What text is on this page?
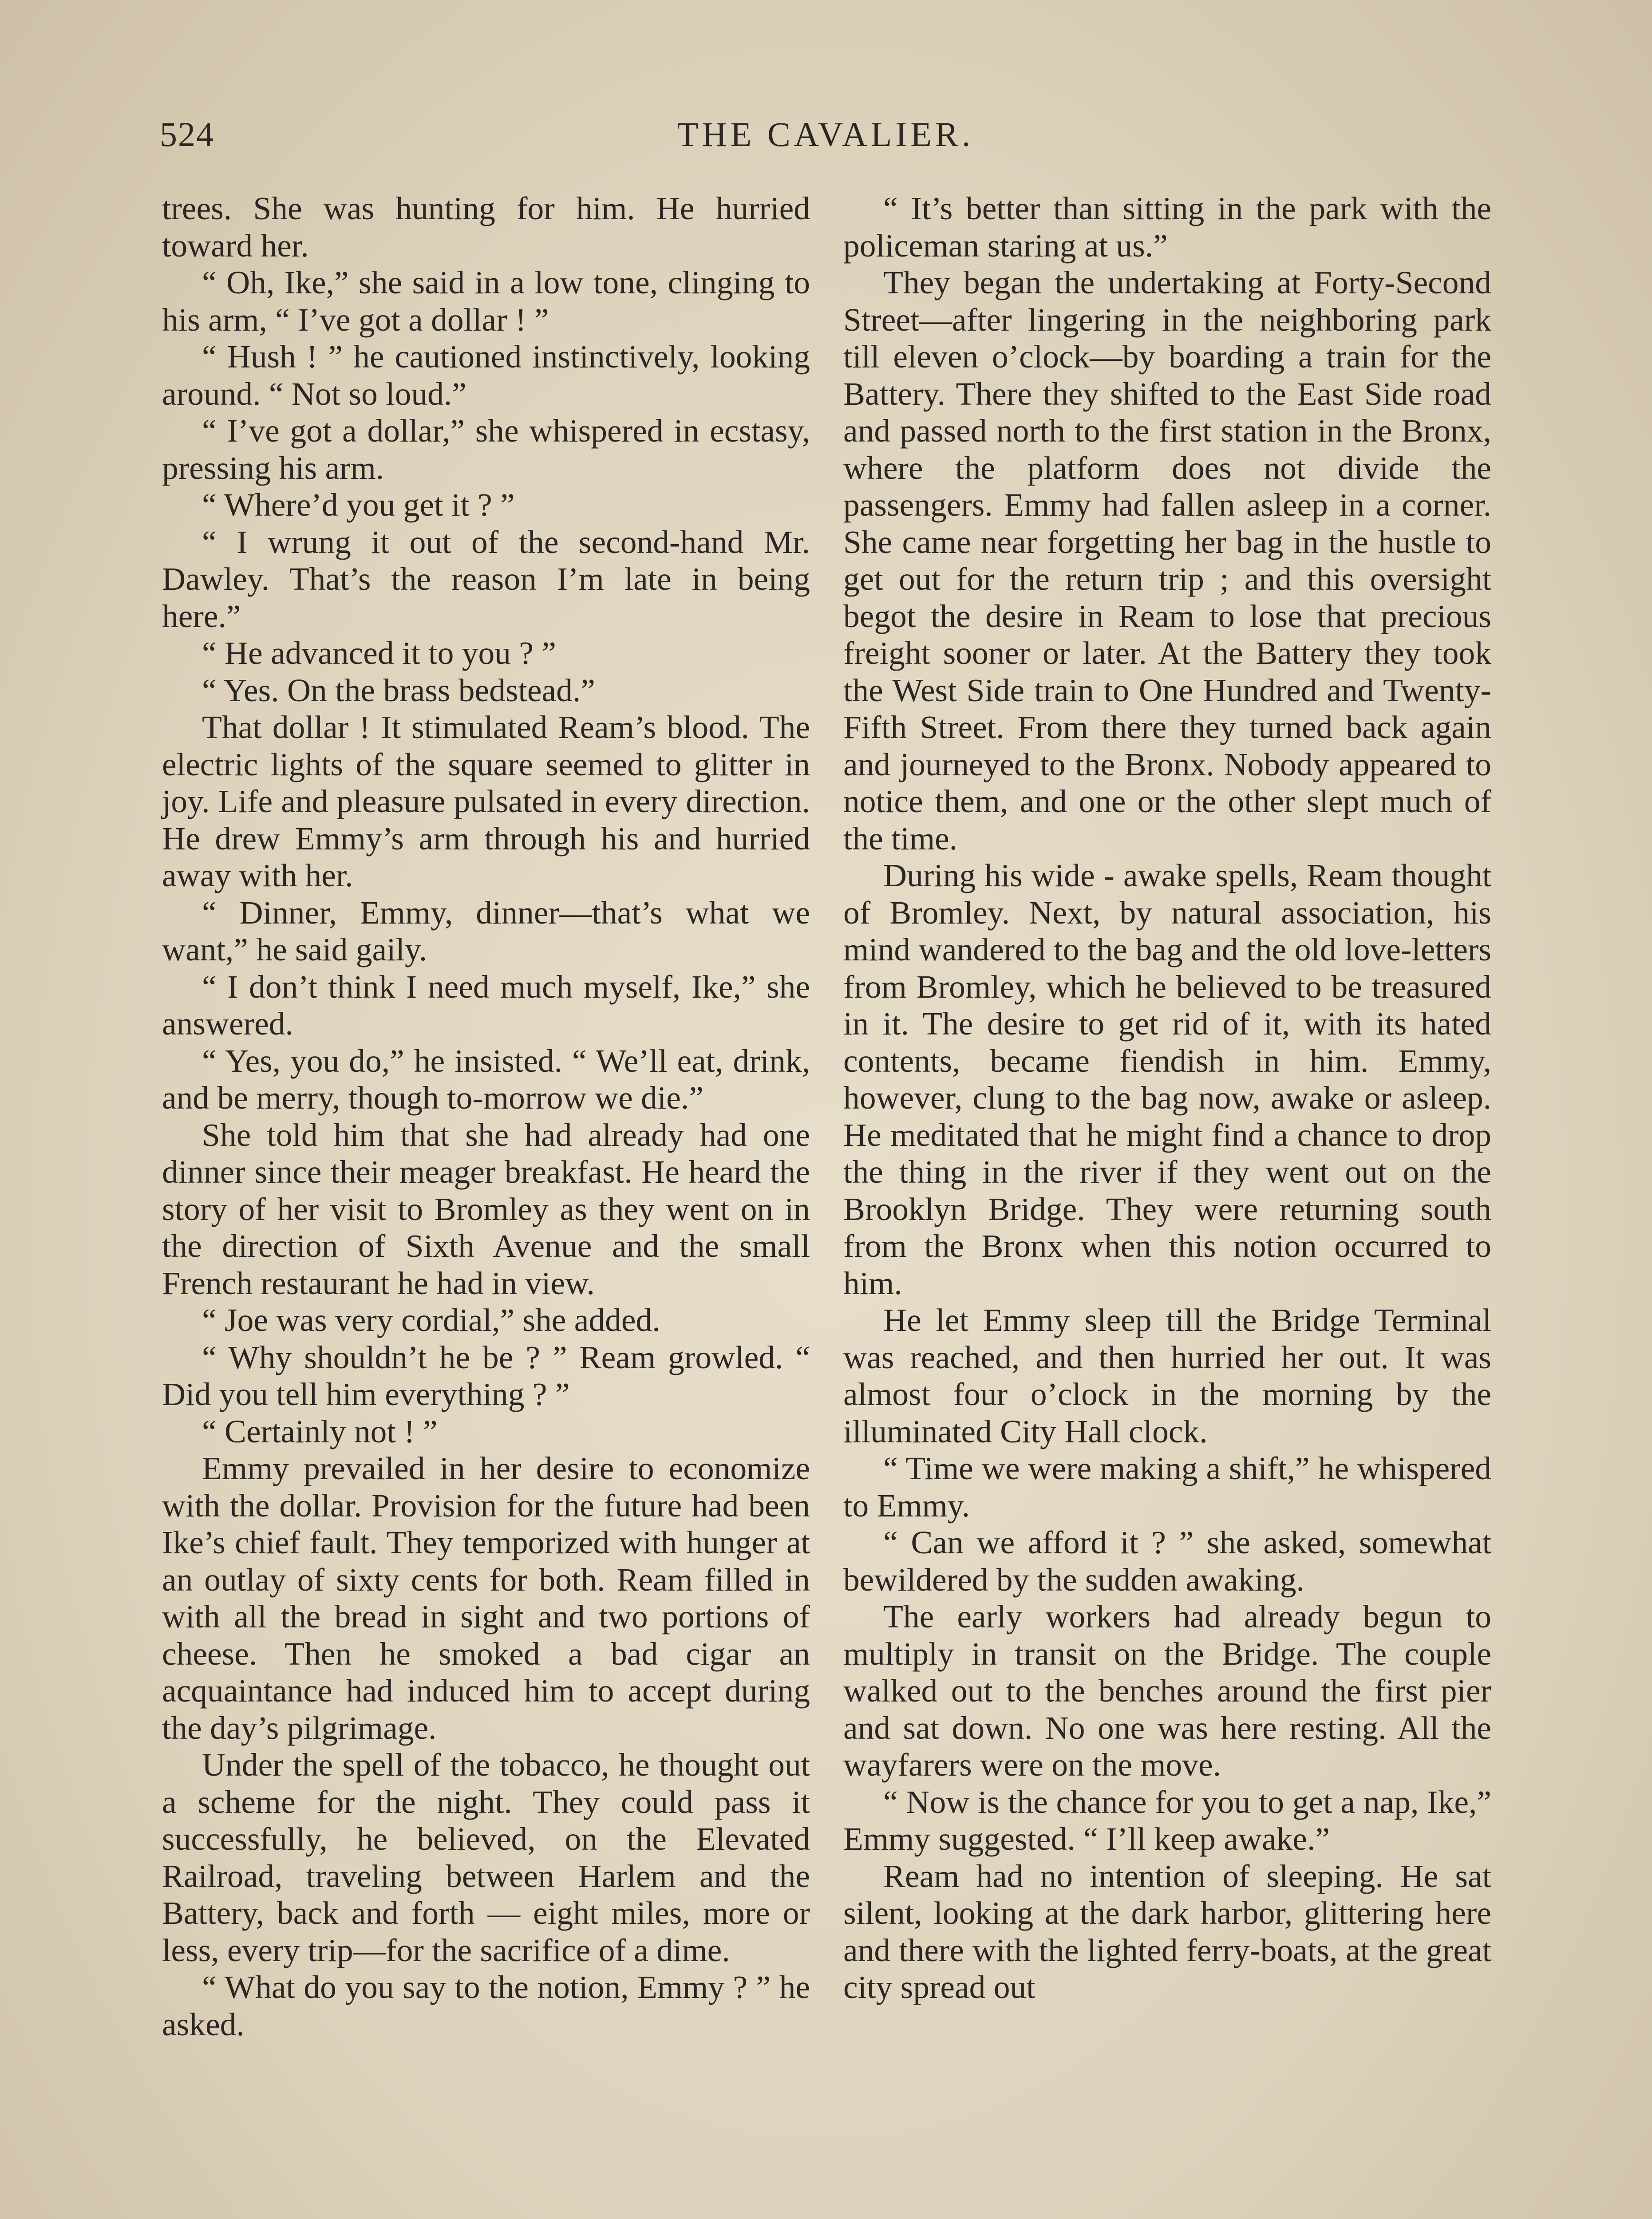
524	THE CAVALIER.

trees. She was hunting for him. He hurried toward her.

“ Oh, Ike,” she said in a low tone, clinging to his arm, “ I’ve got a dollar ! ”

“ Hush ! ” he cautioned instinctively, looking around. “ Not so loud.”

“ I’ve got a dollar,” she whispered in ecstasy, pressing his arm.

“ Where’d you get it ? ”

“ I wrung it out of the second-hand Mr. Dawley. That’s the reason I’m late in being here.”

“ He advanced it to you ? ”

“ Yes. On the brass bedstead.”

That dollar ! It stimulated Ream’s blood. The electric lights of the square seemed to glitter in joy. Life and pleasure pulsated in every direction. He drew Emmy’s arm through his and hurried away with her.

“ Dinner, Emmy, dinner—that’s what we want,” he said gaily.

“ I don’t think I need much myself, Ike,” she answered.

“ Yes, you do,” he insisted. “ We’ll eat, drink, and be merry, though to-morrow we die.”

She told him that she had already had one dinner since their meager breakfast. He heard the story of her visit to Bromley as they went on in the direction of Sixth Avenue and the small French restaurant he had in view.

“ Joe was very cordial,” she added.

“ Why shouldn’t he be ? ” Ream growled. “ Did you tell him everything ? ”

“ Certainly not ! ”

Emmy prevailed in her desire to economize with the dollar. Provision for the future had been Ike’s chief fault. They temporized with hunger at an outlay of sixty cents for both. Ream filled in with all the bread in sight and two portions of cheese. Then he smoked a bad cigar an acquaintance had induced him to accept during the day’s pilgrimage.

Under the spell of the tobacco, he thought out a scheme for the night. They could pass it successfully, he believed, on the Elevated Railroad, traveling between Harlem and the Battery, back and forth — eight miles, more or less, every trip—for the sacrifice of a dime.

“ What do you say to the notion, Emmy ? ” he asked.

“ It’s better than sitting in the park with the policeman staring at us.”

They began the undertaking at Forty-Second Street—after lingering in the neighboring park till eleven o’clock—by boarding a train for the Battery. There they shifted to the East Side road and passed north to the first station in the Bronx, where the platform does not divide the passengers. Emmy had fallen asleep in a corner. She came near forgetting her bag in the hustle to get out for the return trip ; and this oversight begot the desire in Ream to lose that precious freight sooner or later. At the Battery they took the West Side train to One Hundred and Twenty-Fifth Street. From there they turned back again and journeyed to the Bronx. Nobody appeared to notice them, and one or the other slept much of the time.

During his wide - awake spells, Ream thought of Bromley. Next, by natural association, his mind wandered to the bag and the old love-letters from Bromley, which he believed to be treasured in it. The desire to get rid of it, with its hated contents, became fiendish in him. Emmy, however, clung to the bag now, awake or asleep. He meditated that he might find a chance to drop the thing in the river if they went out on the Brooklyn Bridge. They were returning south from the Bronx when this notion occurred to him.

He let Emmy sleep till the Bridge Terminal was reached, and then hurried her out. It was almost four o’clock in the morning by the illuminated City Hall clock.

“ Time we were making a shift,” he whispered to Emmy.

“ Can we afford it ? ” she asked, somewhat bewildered by the sudden awaking.

The early workers had already begun to multiply in transit on the Bridge. The couple walked out to the benches around the first pier and sat down. No one was here resting. All the wayfarers were on the move.

“ Now is the chance for you to get a nap, Ike,” Emmy suggested. “ I’ll keep awake.”

Ream had no intention of sleeping. He sat silent, looking at the dark harbor, glittering here and there with the lighted ferry-boats, at the great city spread out
